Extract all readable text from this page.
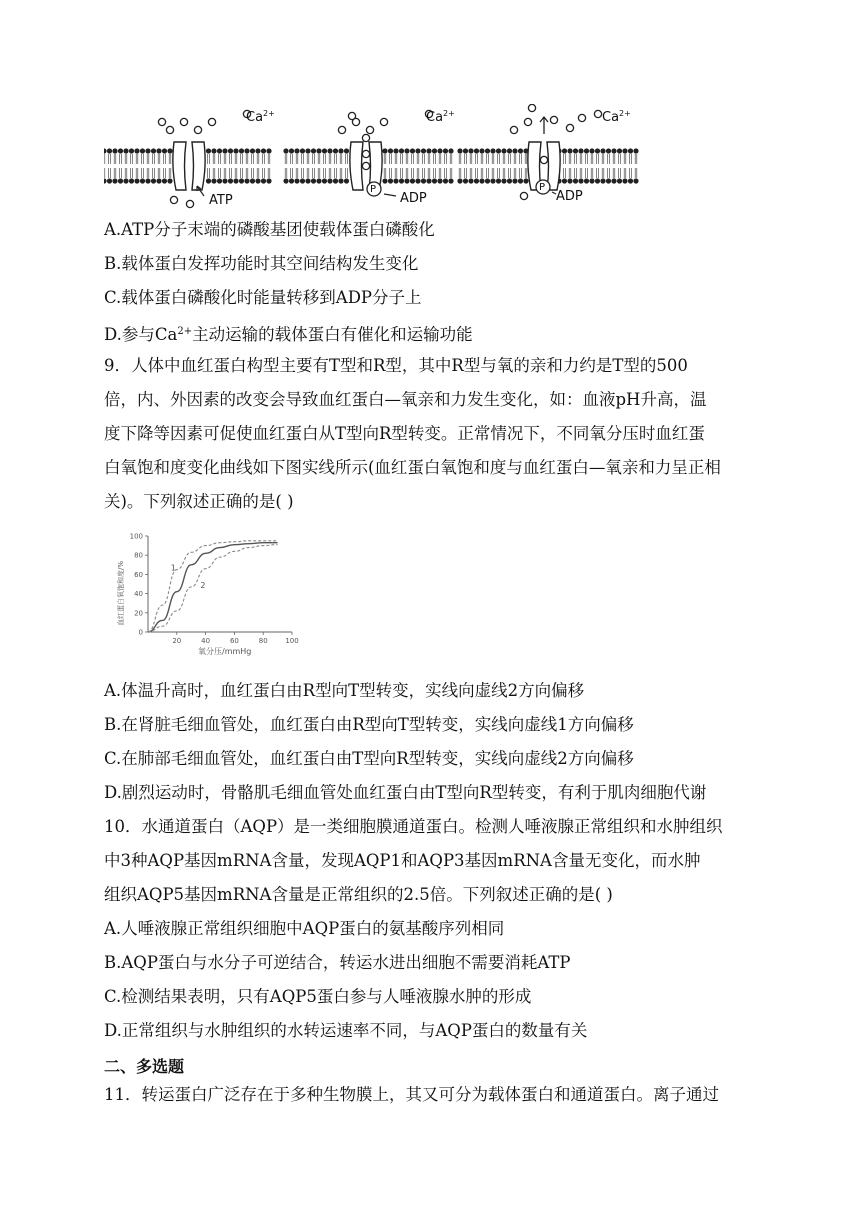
$Ca^{2+}$	$Ca^{2+}$	$Ca^{2+}$
ATP	ADP	ADP
P	P
A.ATP分子末端的磷酸基团使载体蛋白磷酸化
B.载体蛋白发挥功能时其空间结构发生变化
C.载体蛋白磷酸化时能量转移到ADP分子上
D.参与$Ca^{2+}$主动运输的载体蛋白有催化和运输功能
9．人体中血红蛋白构型主要有T型和R型，其中R型与氧的亲和力约是T型的500
倍，内、外因素的改变会导致血红蛋白—氧亲和力发生变化，如：血液pH升高，温
度下降等因素可促使血红蛋白从T型向R型转变。正常情况下，不同氧分压时血红蛋
白氧饱和度变化曲线如下图实线所示(血红蛋白氧饱和度与血红蛋白—氧亲和力呈正相
关)。下列叙述正确的是( )
0
20
40
60
80
100
20	40	60	80	100
1
2
氧分压/mmHg
血红蛋白氧饱和度/%
A.体温升高时，血红蛋白由R型向T型转变，实线向虚线2方向偏移
B.在肾脏毛细血管处，血红蛋白由R型向T型转变，实线向虚线1方向偏移
C.在肺部毛细血管处，血红蛋白由T型向R型转变，实线向虚线2方向偏移
D.剧烈运动时，骨骼肌毛细血管处血红蛋白由T型向R型转变，有利于肌肉细胞代谢
10．水通道蛋白（AQP）是一类细胞膜通道蛋白。检测人唾液腺正常组织和水肿组织
中3种AQP基因mRNA含量，发现AQP1和AQP3基因mRNA含量无变化，而水肿
组织AQP5基因mRNA含量是正常组织的2.5倍。下列叙述正确的是( )
A.人唾液腺正常组织细胞中AQP蛋白的氨基酸序列相同
B.AQP蛋白与水分子可逆结合，转运水进出细胞不需要消耗ATP
C.检测结果表明，只有AQP5蛋白参与人唾液腺水肿的形成
D.正常组织与水肿组织的水转运速率不同，与AQP蛋白的数量有关
二、多选题
11．转运蛋白广泛存在于多种生物膜上，其又可分为载体蛋白和通道蛋白。离子通过
